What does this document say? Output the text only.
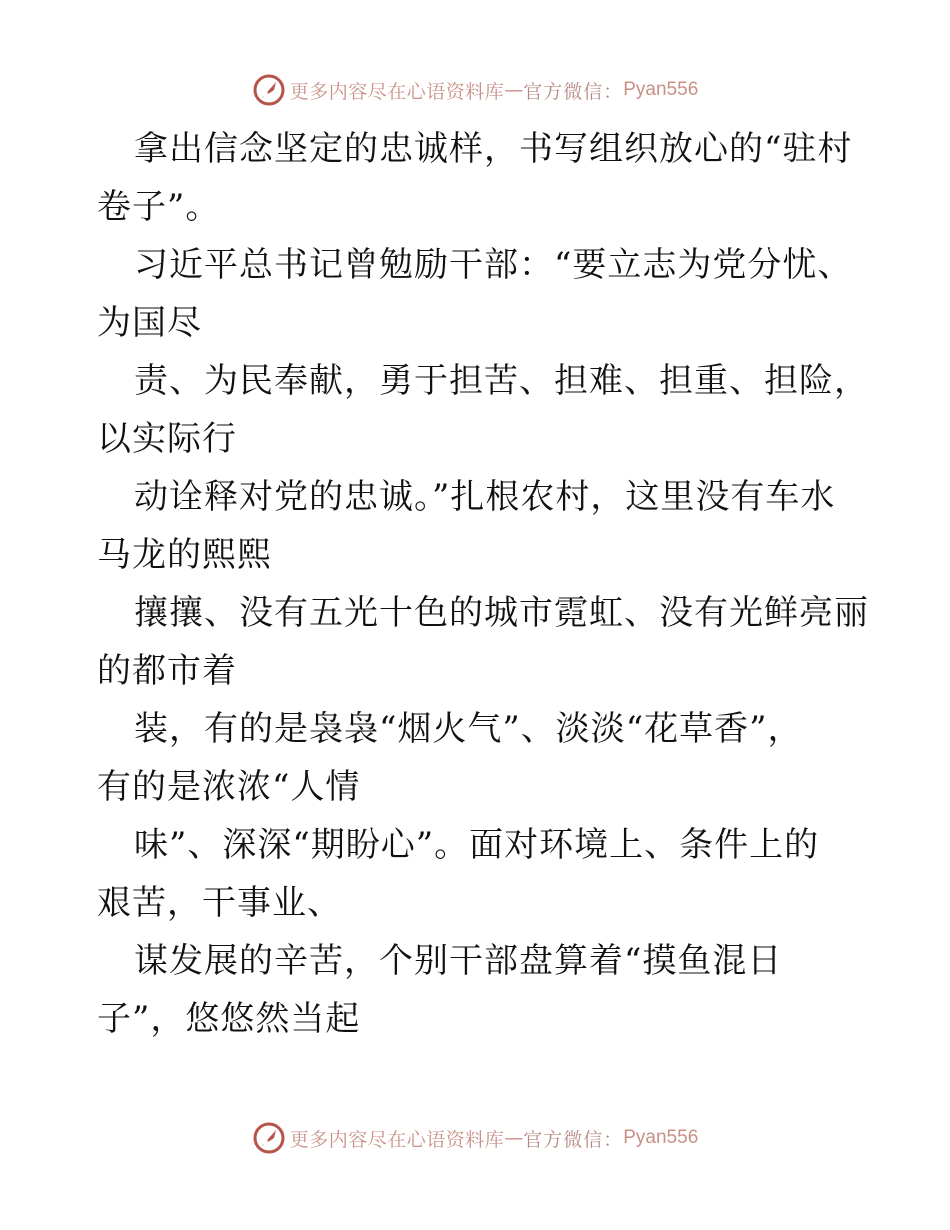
更多内容尽在心语资料库 — 官方微信： Pyan556
拿出信念坚定的忠诚样，书写组织放心的“驻村
卷子”。
习近平总书记曾勉励干部：“要立志为党分忧、
为国尽
责、为民奉献，勇于担苦、担难、担重、担险，
以实际行
动诠释对党的忠诚。”扎根农村，这里没有车水
马龙的熙熙
攘攘、没有五光十色的城市霓虹、没有光鲜亮丽
的都市着
装，有的是袅袅“烟火气”、淡淡“花草香”，
有的是浓浓“人情
味”、深深“期盼心”。面对环境上、条件上的
艰苦，干事业、
谋发展的辛苦，个别干部盘算着“摸鱼混日
子”，悠悠然当起
更多内容尽在心语资料库 — 官方微信： Pyan556
